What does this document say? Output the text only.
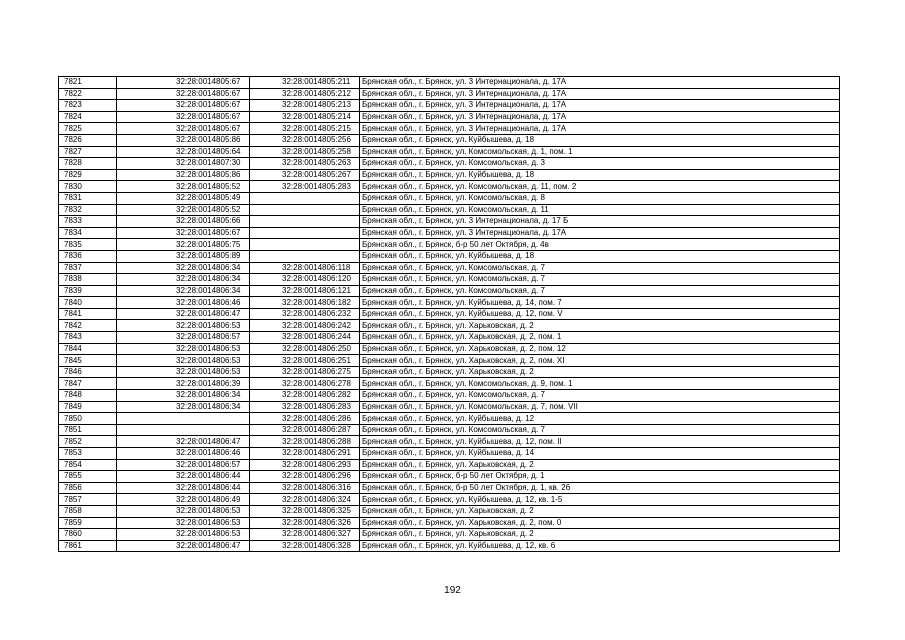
7821	32:28:0014805:67	32:28:0014805:211	Брянская обл., г. Брянск, ул. 3 Интернационала, д. 17А
7822	32:28:0014805:67	32:28:0014805:212	Брянская обл., г. Брянск, ул. 3 Интернационала, д. 17А
7823	32:28:0014805:67	32:28:0014805:213	Брянская обл., г. Брянск, ул. 3 Интернационала, д. 17А
7824	32:28:0014805:67	32:28:0014805:214	Брянская обл., г. Брянск, ул. 3 Интернационала, д. 17А
7825	32:28:0014805:67	32:28:0014805:215	Брянская обл., г. Брянск, ул. 3 Интернационала, д. 17А
7826	32:28:0014805:86	32:28:0014805:256	Брянская обл., г. Брянск, ул. Куйбышева, д. 18
7827	32:28:0014805:64	32:28:0014805:258	Брянская обл., г. Брянск, ул. Комсомольская, д. 1, пом. 1
7828	32:28:0014807:30	32:28:0014805:263	Брянская обл., г. Брянск, ул. Комсомольская, д. 3
7829	32:28:0014805:86	32:28:0014805:267	Брянская обл., г. Брянск, ул. Куйбышева, д. 18
7830	32:28:0014805:52	32:28:0014805:283	Брянская обл., г. Брянск, ул. Комсомольская, д. 11, пом. 2
7831	32:28:0014805:49		Брянская обл., г. Брянск, ул. Комсомольская, д. 8
7832	32:28:0014805:52		Брянская обл., г. Брянск, ул. Комсомольская, д. 11
7833	32:28:0014805:66		Брянская обл., г. Брянск, ул. 3 Интернационала, д. 17 Б
7834	32:28:0014805:67		Брянская обл., г. Брянск, ул. 3 Интернационала, д. 17А
7835	32:28:0014805:75		Брянская обл., г. Брянск, б-р 50 лет Октября, д. 4в
7836	32:28:0014805:89		Брянская обл., г. Брянск, ул. Куйбышева, д. 18
7837	32:28:0014806:34	32:28:0014806:118	Брянская обл., г. Брянск, ул. Комсомольская, д. 7
7838	32:28:0014806:34	32:28:0014806:120	Брянская обл., г. Брянск, ул. Комсомольская, д. 7
7839	32:28:0014806:34	32:28:0014806:121	Брянская обл., г. Брянск, ул. Комсомольская, д. 7
7840	32:28:0014806:46	32:28:0014806:182	Брянская обл., г. Брянск, ул. Куйбышева, д. 14, пом. 7
7841	32:28:0014806:47	32:28:0014806:232	Брянская обл., г. Брянск, ул. Куйбышева, д. 12, пом. V
7842	32:28:0014806:53	32:28:0014806:242	Брянская обл., г. Брянск, ул. Харьковская, д. 2
7843	32:28:0014806:57	32:28:0014806:244	Брянская обл., г. Брянск, ул. Харьковская, д. 2, пом. 1
7844	32:28:0014806:53	32:28:0014806:250	Брянская обл., г. Брянск, ул. Харьковская, д. 2, пом. 12
7845	32:28:0014806:53	32:28:0014806:251	Брянская обл., г. Брянск, ул. Харьковская, д. 2, пом. XI
7846	32:28:0014806:53	32:28:0014806:275	Брянская обл., г. Брянск, ул. Харьковская, д. 2
7847	32:28:0014806:39	32:28:0014806:278	Брянская обл., г. Брянск, ул. Комсомольская, д. 9, пом. 1
7848	32:28:0014806:34	32:28:0014806:282	Брянская обл., г. Брянск, ул. Комсомольская, д. 7
7849	32:28:0014806:34	32:28:0014806:283	Брянская обл., г. Брянск, ул. Комсомольская, д. 7, пом. VII
7850		32:28:0014806:286	Брянская обл., г. Брянск, ул. Куйбышева, д. 12
7851		32:28:0014806:287	Брянская обл., г. Брянск, ул. Комсомольская, д. 7
7852	32:28:0014806:47	32:28:0014806:288	Брянская обл., г. Брянск, ул. Куйбышева, д. 12, пом. II
7853	32:28:0014806:46	32:28:0014806:291	Брянская обл., г. Брянск, ул. Куйбышева, д. 14
7854	32:28:0014806:57	32:28:0014806:293	Брянская обл., г. Брянск, ул. Харьковская, д. 2
7855	32:28:0014806:44	32:28:0014806:296	Брянская обл., г. Брянск, б-р 50 лет Октября, д. 1
7856	32:28:0014806:44	32:28:0014806:316	Брянская обл., г. Брянск, б-р 50 лет Октября, д. 1, кв. 26
7857	32:28:0014806:49	32:28:0014806:324	Брянская обл., г. Брянск, ул. Куйбышева, д. 12, кв. 1-5
7858	32:28:0014806:53	32:28:0014806:325	Брянская обл., г. Брянск, ул. Харьковская, д. 2
7859	32:28:0014806:53	32:28:0014806:326	Брянская обл., г. Брянск, ул. Харьковская, д. 2, пом. 0
7860	32:28:0014806:53	32:28:0014806:327	Брянская обл., г. Брянск, ул. Харьковская, д. 2
7861	32:28:0014806:47	32:28:0014806:328	Брянская обл., г. Брянск, ул. Куйбышева, д. 12, кв. 6
192
